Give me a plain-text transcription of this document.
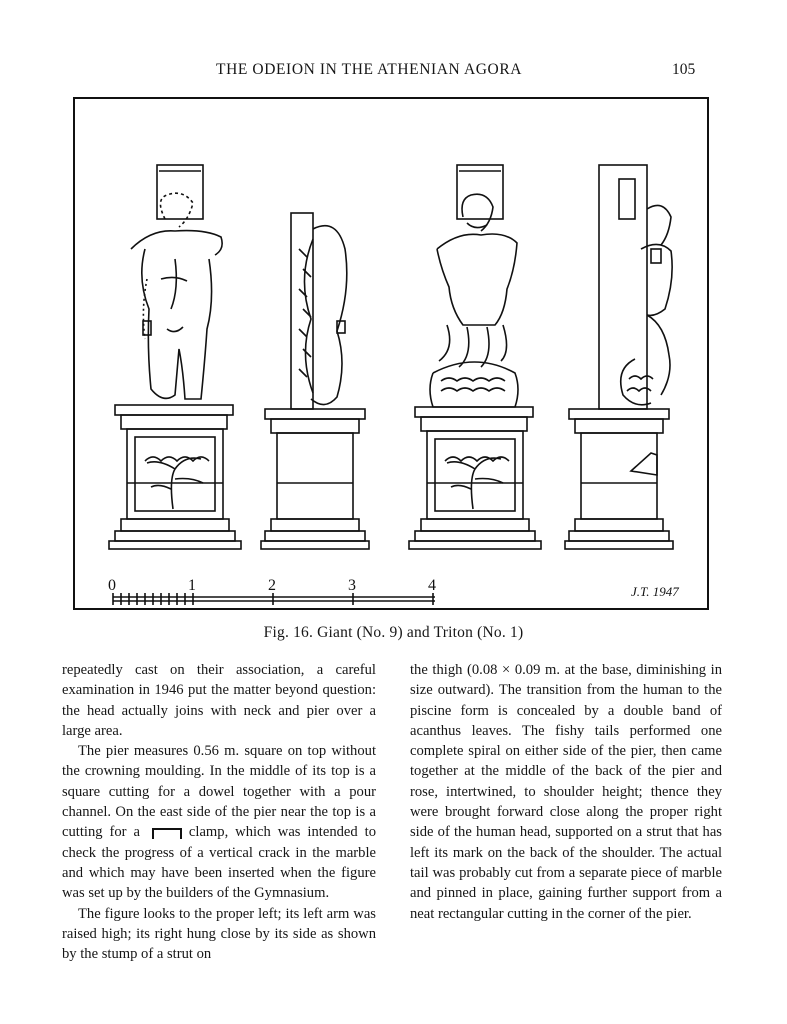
THE ODEION IN THE ATHENIAN AGORA	105
0	1	2	3	4	J.T. 1947
Fig. 16. Giant (No. 9) and Triton (No. 1)

repeatedly cast on their association, a careful examination in 1946 put the matter beyond question: the head actually joins with neck and pier over a large area.

The pier measures 0.56 m. square on top without the crowning moulding. In the middle of its top is a square cutting for a dowel together with a pour channel. On the east side of the pier near the top is a cutting for a	clamp, which was intended to check the progress of a vertical crack in the marble and which may have been inserted when the figure was set up by the builders of the Gymnasium.

The figure looks to the proper left; its left arm was raised high; its right hung close by its side as shown by the stump of a strut on

the thigh (0.08 × 0.09 m. at the base, diminishing in size outward). The transition from the human to the piscine form is concealed by a double band of acanthus leaves. The fishy tails performed one complete spiral on either side of the pier, then came together at the middle of the back of the pier and rose, intertwined, to shoulder height; thence they were brought forward close along the proper right side of the human head, supported on a strut that has left its mark on the back of the shoulder. The actual tail was probably cut from a separate piece of marble and pinned in place, gaining further support from a neat rectangular cutting in the corner of the pier.
